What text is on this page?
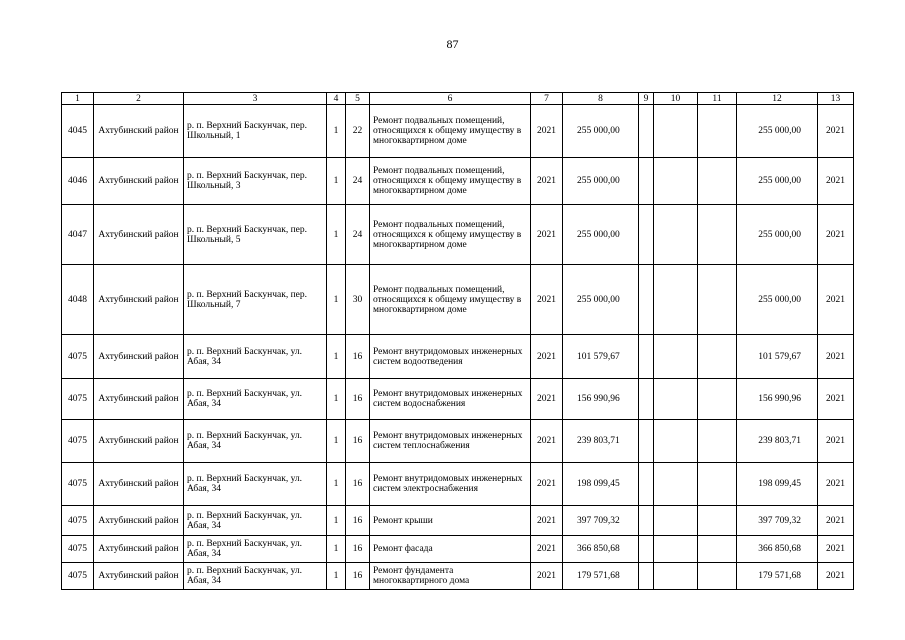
87
1	2	3	4	5	6	7	8	9	10	11	12	13
4045	Ахтубинский район	р. п. Верхний Баскунчак, пер. Школьный, 1	1	22	Ремонт подвальных помещений, относящихся к общему имуществу в многоквартирном доме	2021	255 000,00				255 000,00	2021
4046	Ахтубинский район	р. п. Верхний Баскунчак, пер. Школьный, 3	1	24	Ремонт подвальных помещений, относящихся к общему имуществу в многоквартирном доме	2021	255 000,00				255 000,00	2021
4047	Ахтубинский район	р. п. Верхний Баскунчак, пер. Школьный, 5	1	24	Ремонт подвальных помещений, относящихся к общему имуществу в многоквартирном доме	2021	255 000,00				255 000,00	2021
4048	Ахтубинский район	р. п. Верхний Баскунчак, пер. Школьный, 7	1	30	Ремонт подвальных помещений, относящихся к общему имуществу в многоквартирном доме	2021	255 000,00				255 000,00	2021
4075	Ахтубинский район	р. п. Верхний Баскунчак, ул. Абая, 34	1	16	Ремонт внутридомовых инженерных систем водоотведения	2021	101 579,67				101 579,67	2021
4075	Ахтубинский район	р. п. Верхний Баскунчак, ул. Абая, 34	1	16	Ремонт внутридомовых инженерных систем водоснабжения	2021	156 990,96				156 990,96	2021
4075	Ахтубинский район	р. п. Верхний Баскунчак, ул. Абая, 34	1	16	Ремонт внутридомовых инженерных систем теплоснабжения	2021	239 803,71				239 803,71	2021
4075	Ахтубинский район	р. п. Верхний Баскунчак, ул. Абая, 34	1	16	Ремонт внутридомовых инженерных систем электроснабжения	2021	198 099,45				198 099,45	2021
4075	Ахтубинский район	р. п. Верхний Баскунчак, ул. Абая, 34	1	16	Ремонт крыши	2021	397 709,32				397 709,32	2021
4075	Ахтубинский район	р. п. Верхний Баскунчак, ул. Абая, 34	1	16	Ремонт фасада	2021	366 850,68				366 850,68	2021
4075	Ахтубинский район	р. п. Верхний Баскунчак, ул. Абая, 34	1	16	Ремонт фундамента многоквартирного дома	2021	179 571,68				179 571,68	2021
